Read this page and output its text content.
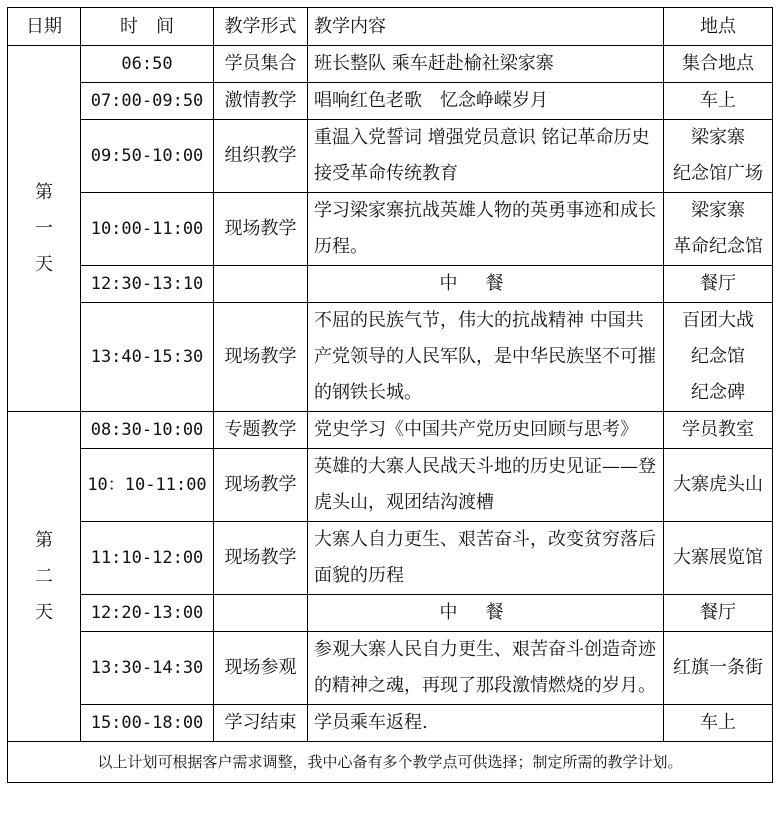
日期	时　间	教学形式	教学内容	地点

第
一
天	06:50	学员集合	班长整队 乘车赶赴榆社梁家寨	集合地点

	07:00-09:50	激情教学	唱响红色老歌　忆念峥嵘岁月	车上

	09:50-10:00	组织教学	重温入党誓词 增强党员意识 铭记革命历史 接受革命传统教育	梁家寨
纪念馆广场

	10:00-11:00	现场教学	学习梁家寨抗战英雄人物的英勇事迹和成长历程。	梁家寨
革命纪念馆

	12:30-13:10		中餐	餐厅

	13:40-15:30	现场教学	不屈的民族气节，伟大的抗战精神 中国共产党领导的人民军队，是中华民族坚不可摧的钢铁长城。	百团大战
纪念馆
纪念碑

第
二
天	08:30-10:00	专题教学	党史学习《中国共产党历史回顾与思考》	学员教室

	10：10-11:00	现场教学	英雄的大寨人民战天斗地的历史见证——登虎头山，观团结沟渡槽	大寨虎头山

	11:10-12:00	现场教学	大寨人自力更生、艰苦奋斗，改变贫穷落后面貌的历程	大寨展览馆

	12:20-13:00		中餐	餐厅

	13:30-14:30	现场参观	参观大寨人民自力更生、艰苦奋斗创造奇迹的精神之魂，再现了那段激情燃烧的岁月。	红旗一条街

	15:00-18:00	学习结束	学员乘车返程.	车上

以上计划可根据客户需求调整，我中心备有多个教学点可供选择；制定所需的教学计划。				
